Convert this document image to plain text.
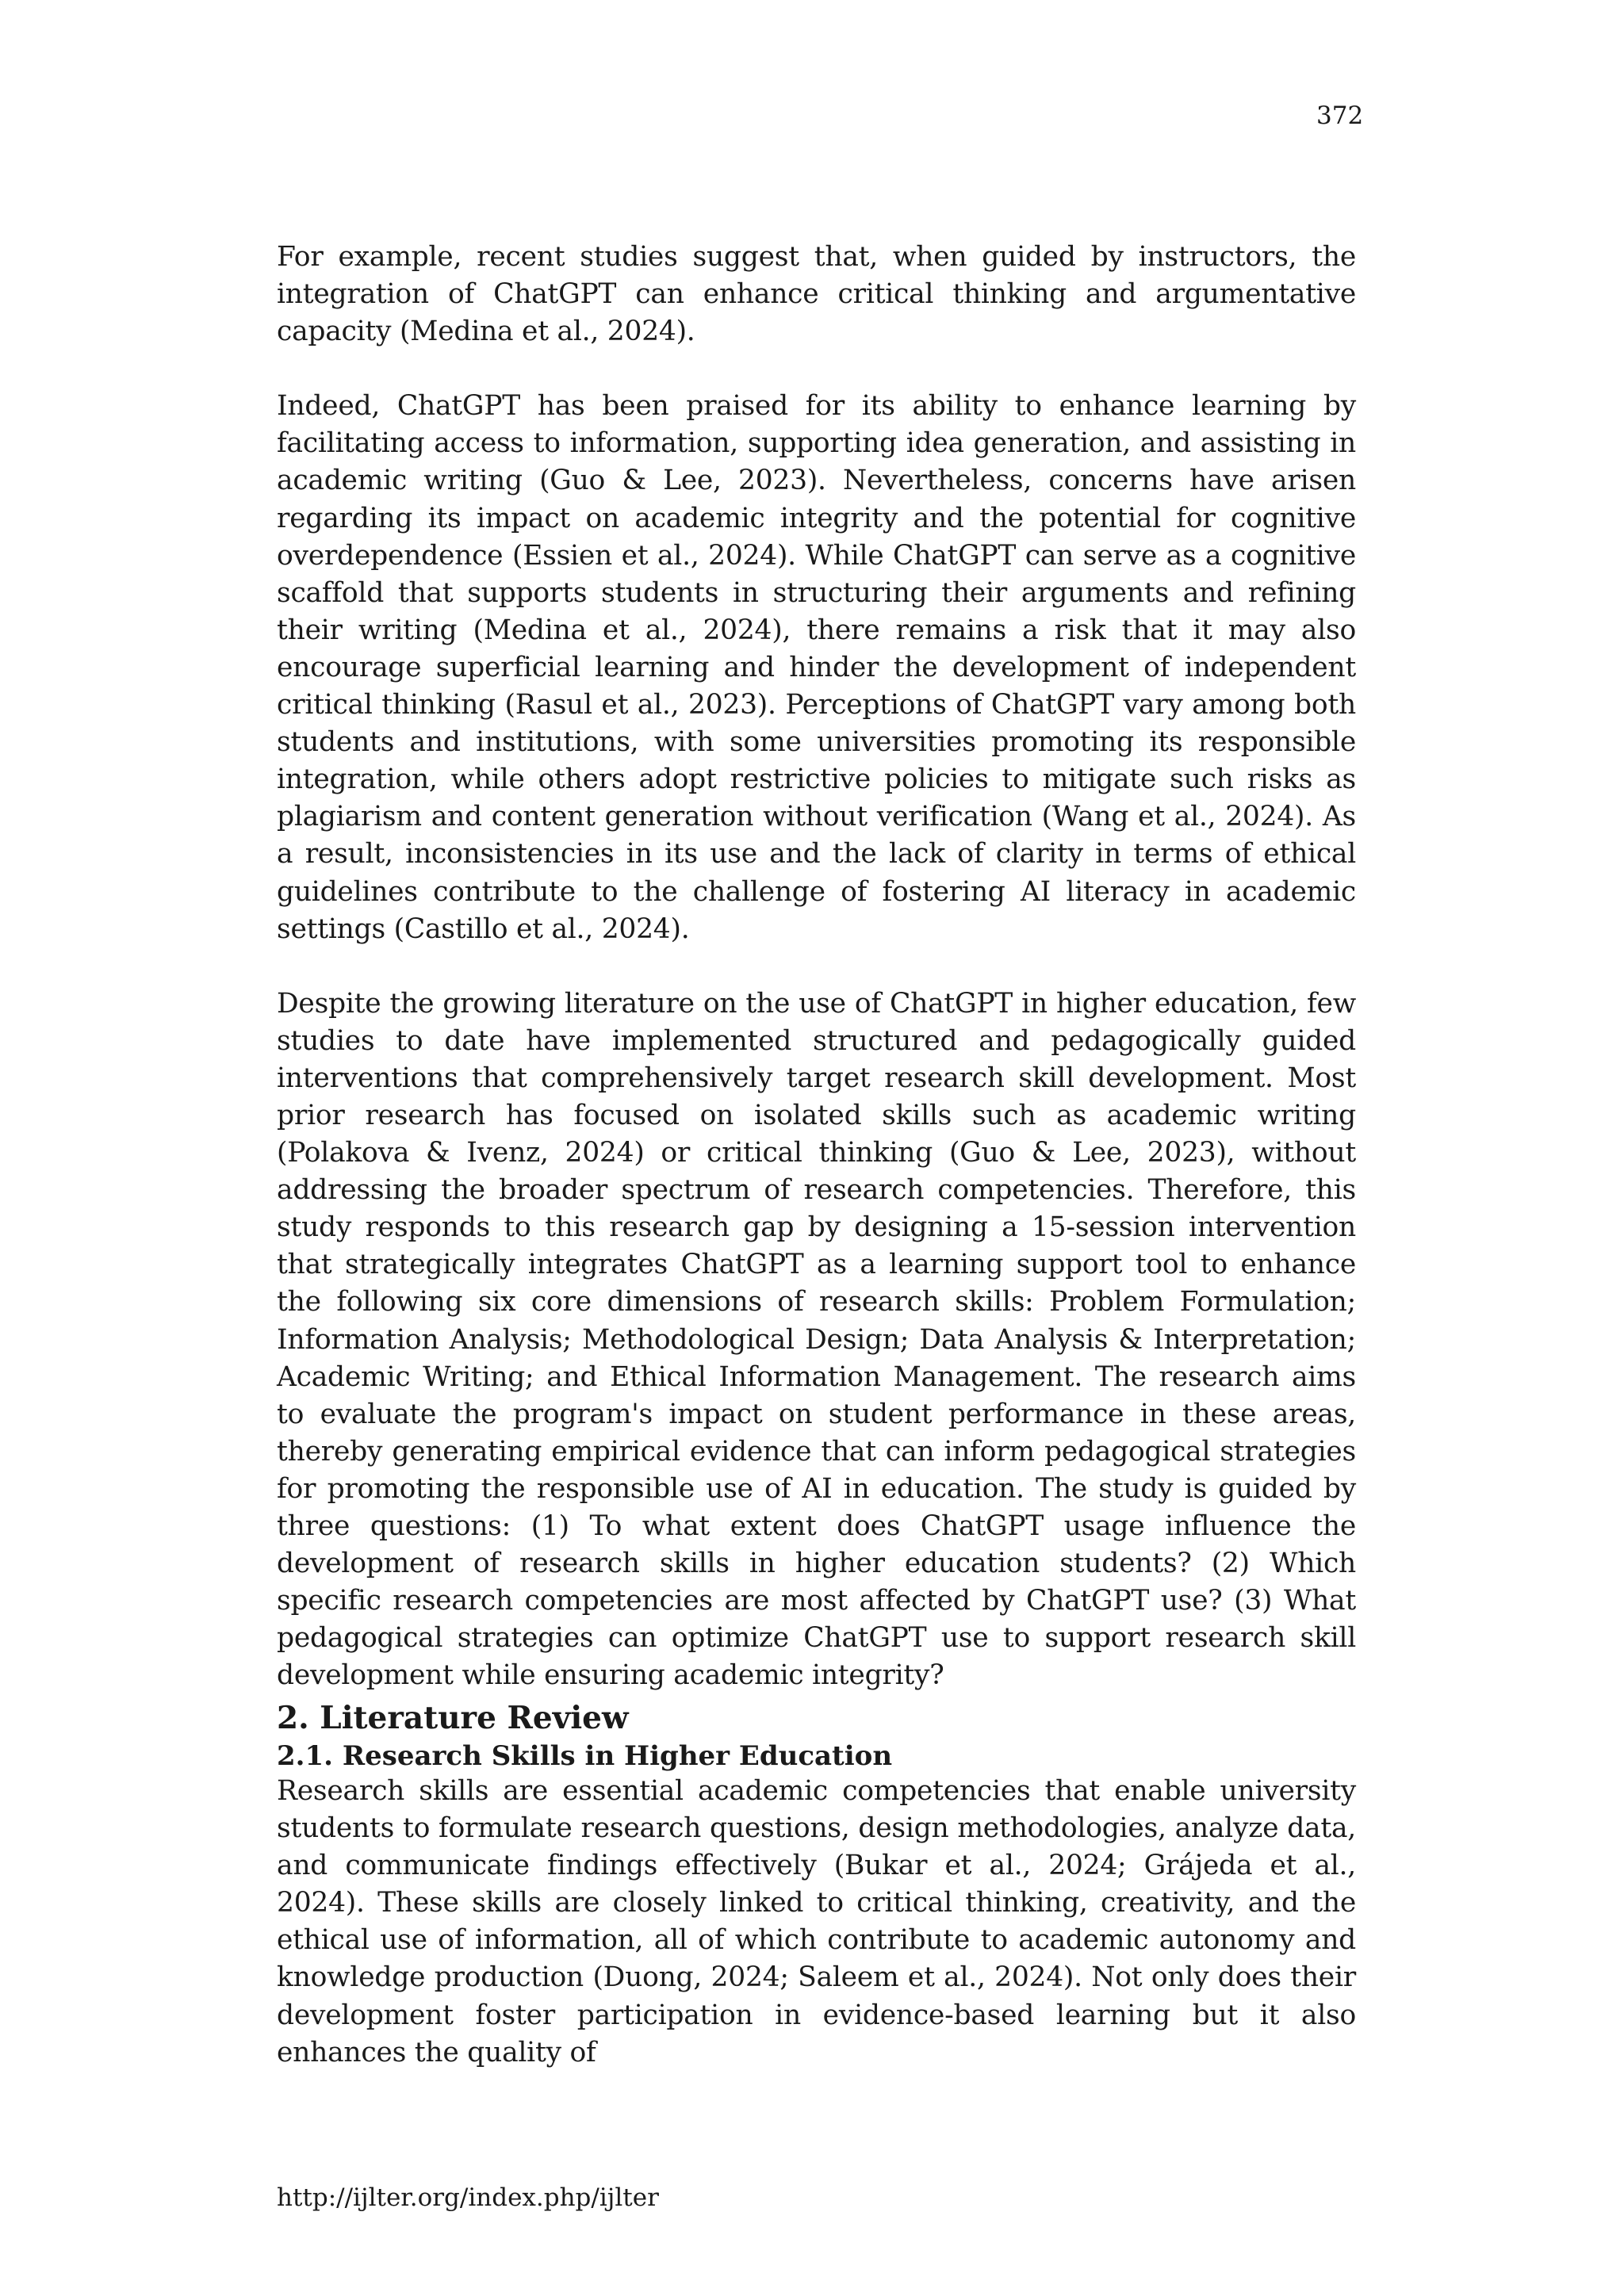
372

For example, recent studies suggest that, when guided by instructors, the integration of ChatGPT can enhance critical thinking and argumentative capacity (Medina et al., 2024).

Indeed, ChatGPT has been praised for its ability to enhance learning by facilitating access to information, supporting idea generation, and assisting in academic writing (Guo & Lee, 2023). Nevertheless, concerns have arisen regarding its impact on academic integrity and the potential for cognitive overdependence (Essien et al., 2024). While ChatGPT can serve as a cognitive scaffold that supports students in structuring their arguments and refining their writing (Medina et al., 2024), there remains a risk that it may also encourage superficial learning and hinder the development of independent critical thinking (Rasul et al., 2023). Perceptions of ChatGPT vary among both students and institutions, with some universities promoting its responsible integration, while others adopt restrictive policies to mitigate such risks as plagiarism and content generation without verification (Wang et al., 2024). As a result, inconsistencies in its use and the lack of clarity in terms of ethical guidelines contribute to the challenge of fostering AI literacy in academic settings (Castillo et al., 2024).

Despite the growing literature on the use of ChatGPT in higher education, few studies to date have implemented structured and pedagogically guided interventions that comprehensively target research skill development. Most prior research has focused on isolated skills such as academic writing (Polakova & Ivenz, 2024) or critical thinking (Guo & Lee, 2023), without addressing the broader spectrum of research competencies. Therefore, this study responds to this research gap by designing a 15-session intervention that strategically integrates ChatGPT as a learning support tool to enhance the following six core dimensions of research skills: Problem Formulation; Information Analysis; Methodological Design; Data Analysis & Interpretation; Academic Writing; and Ethical Information Management. The research aims to evaluate the program's impact on student performance in these areas, thereby generating empirical evidence that can inform pedagogical strategies for promoting the responsible use of AI in education. The study is guided by three questions: (1) To what extent does ChatGPT usage influence the development of research skills in higher education students? (2) Which specific research competencies are most affected by ChatGPT use? (3) What pedagogical strategies can optimize ChatGPT use to support research skill development while ensuring academic integrity?

2. Literature Review
2.1. Research Skills in Higher Education

Research skills are essential academic competencies that enable university students to formulate research questions, design methodologies, analyze data, and communicate findings effectively (Bukar et al., 2024; Grájeda et al., 2024). These skills are closely linked to critical thinking, creativity, and the ethical use of information, all of which contribute to academic autonomy and knowledge production (Duong, 2024; Saleem et al., 2024). Not only does their development foster participation in evidence-based learning but it also enhances the quality of

http://ijlter.org/index.php/ijlter
